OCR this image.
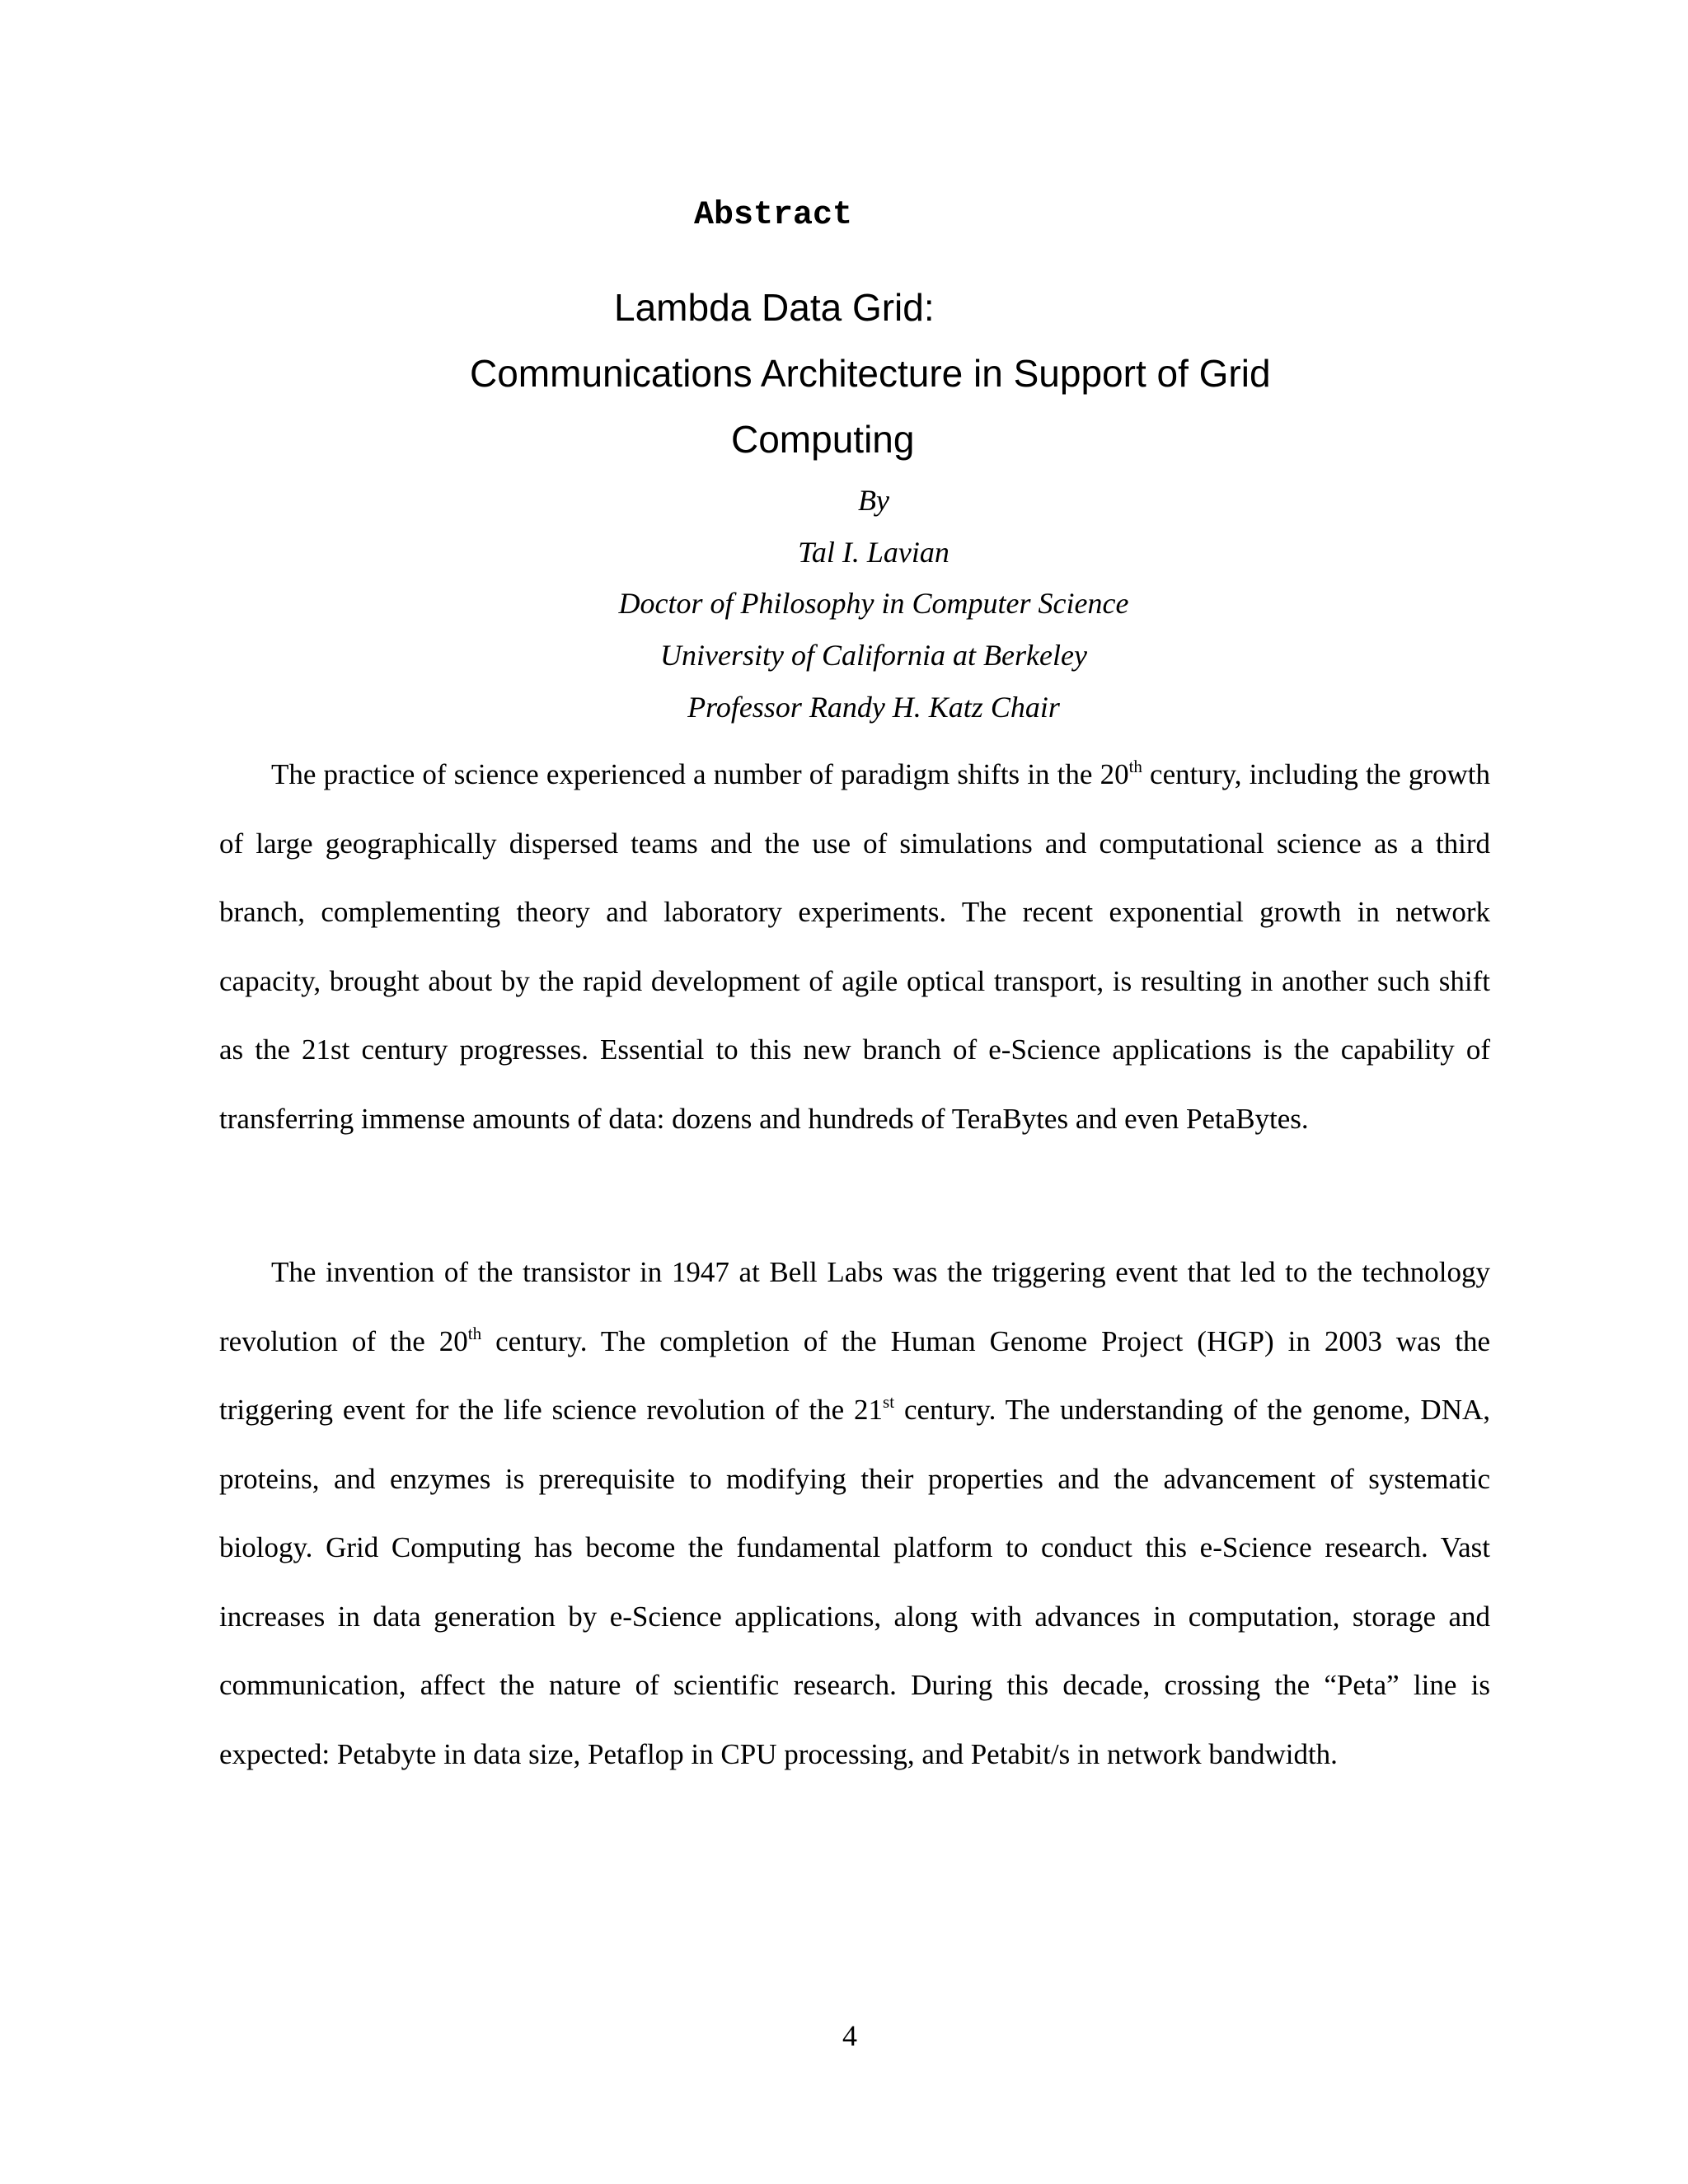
Abstract

Lambda Data Grid:

Communications Architecture in Support of Grid

Computing

By

Tal I. Lavian

Doctor of Philosophy in Computer Science

University of California at Berkeley

Professor Randy H. Katz Chair

The practice of science experienced a number of paradigm shifts in the 20th century, including the growth of large geographically dispersed teams and the use of simulations and computational science as a third branch, complementing theory and laboratory experiments. The recent exponential growth in network capacity, brought about by the rapid development of agile optical transport, is resulting in another such shift as the 21st century progresses. Essential to this new branch of e-Science applications is the capability of transferring immense amounts of data: dozens and hundreds of TeraBytes and even PetaBytes.

The invention of the transistor in 1947 at Bell Labs was the triggering event that led to the technology revolution of the 20th century. The completion of the Human Genome Project (HGP) in 2003 was the triggering event for the life science revolution of the 21st century. The understanding of the genome, DNA, proteins, and enzymes is prerequisite to modifying their properties and the advancement of systematic biology. Grid Computing has become the fundamental platform to conduct this e-Science research. Vast increases in data generation by e-Science applications, along with advances in computation, storage and communication, affect the nature of scientific research. During this decade, crossing the “Peta” line is expected: Petabyte in data size, Petaflop in CPU processing, and Petabit/s in network bandwidth.

4
